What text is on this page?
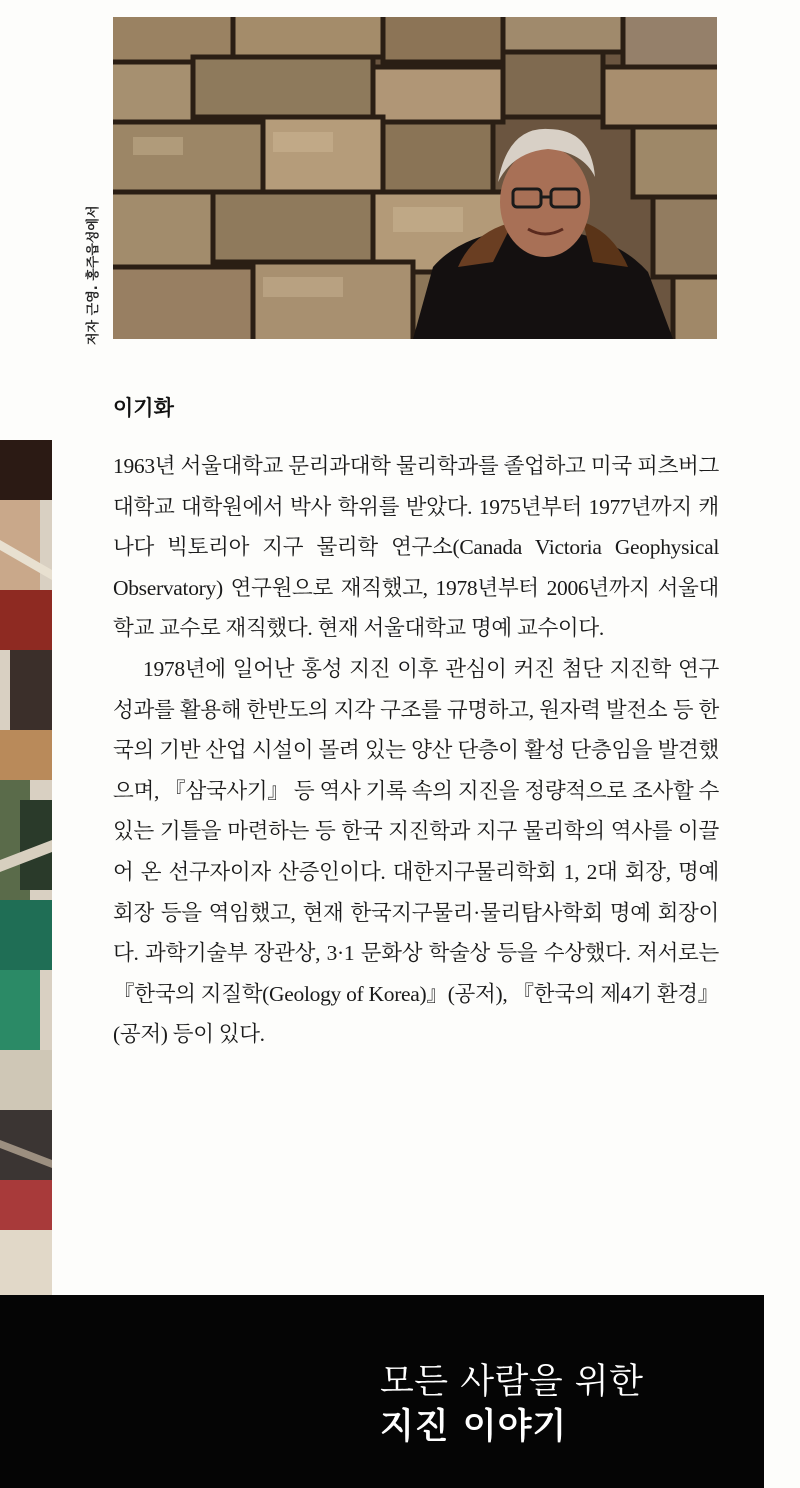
저자 근영. 홍주읍성에서
이기화

1963년 서울대학교 문리과대학 물리학과를 졸업하고 미국 피츠버그 대학교 대학원에서 박사 학위를 받았다. 1975년부터 1977년까지 캐나다 빅토리아 지구 물리학 연구소(Canada Victoria Geophysical Observatory) 연구원으로 재직했고, 1978년부터 2006년까지 서울대학교 교수로 재직했다. 현재 서울대학교 명예 교수이다.

1978년에 일어난 홍성 지진 이후 관심이 커진 첨단 지진학 연구 성과를 활용해 한반도의 지각 구조를 규명하고, 원자력 발전소 등 한국의 기반 산업 시설이 몰려 있는 양산 단층이 활성 단층임을 발견했으며, 『삼국사기』 등 역사 기록 속의 지진을 정량적으로 조사할 수 있는 기틀을 마련하는 등 한국 지진학과 지구 물리학의 역사를 이끌어 온 선구자이자 산증인이다. 대한지구물리학회 1, 2대 회장, 명예 회장 등을 역임했고, 현재 한국지구물리·물리탐사학회 명예 회장이다. 과학기술부 장관상, 3·1 문화상 학술상 등을 수상했다. 저서로는 『한국의 지질학(Geology of Korea)』(공저), 『한국의 제4기 환경』(공저) 등이 있다.

모든 사람을 위한
지진 이야기
